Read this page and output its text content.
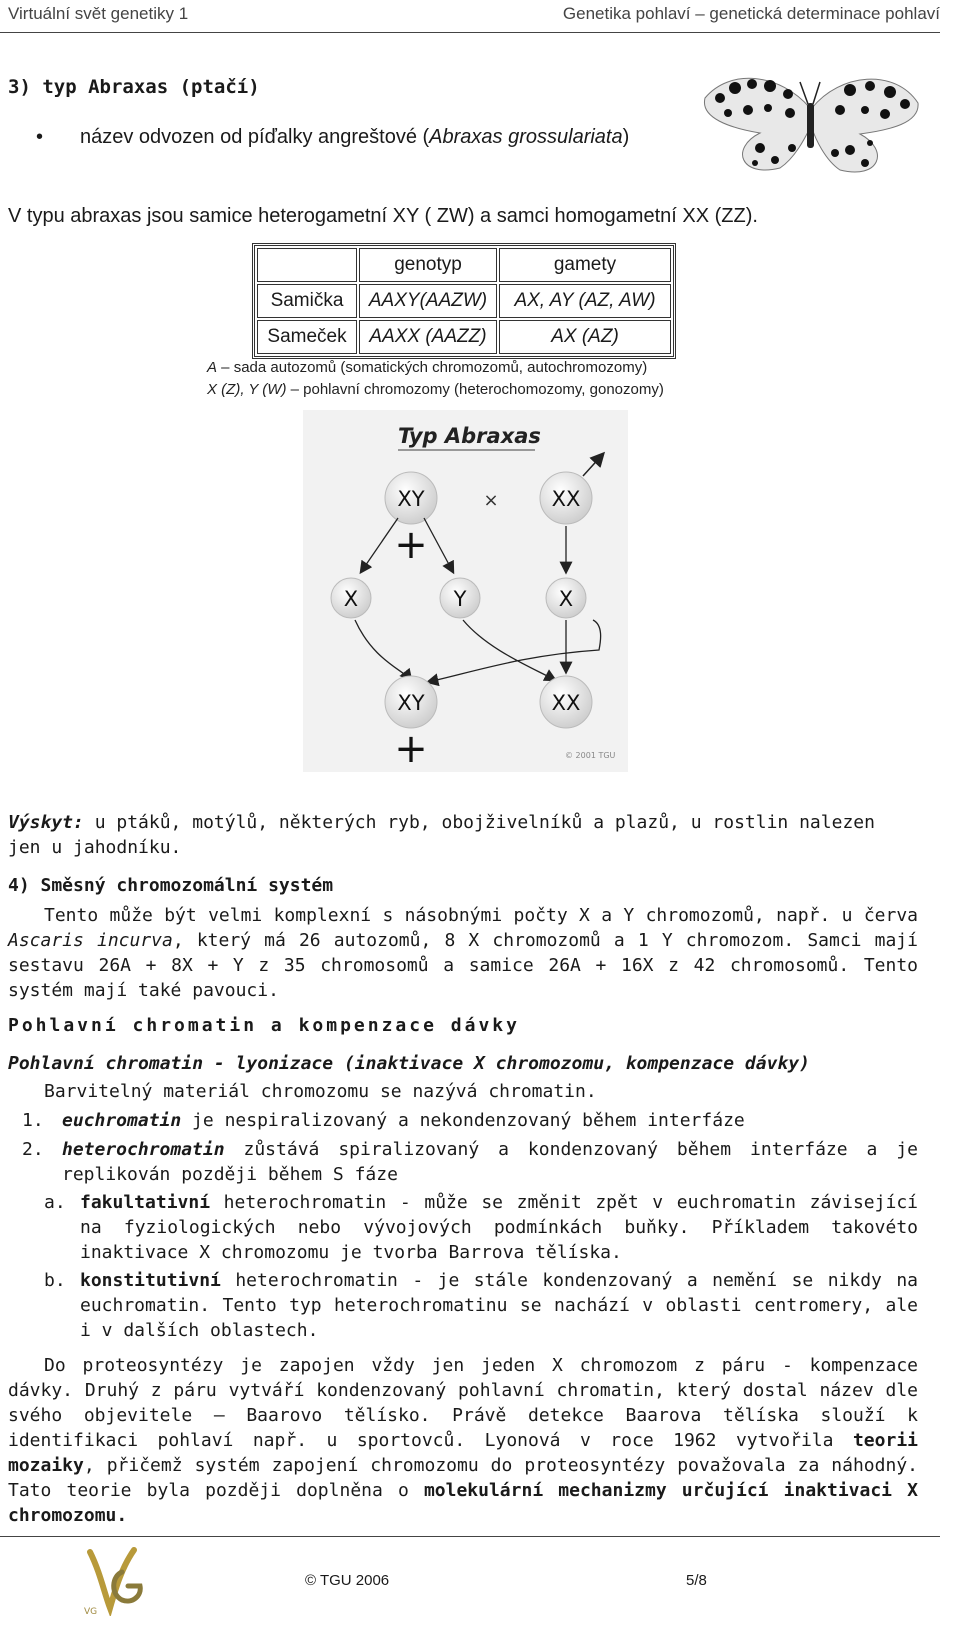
Virtuální svět genetiky 1	Genetika pohlaví – genetická determinace pohlaví
3) typ Abraxas (ptačí)
• název odvozen od píďalky angreštové (Abraxas grossulariata)
V typu abraxas jsou samice heterogametní XY ( ZW) a samci homogametní XX (ZZ).
	genotyp	gamety
Samička	AAXY(AAZW)	AX, AY (AZ, AW)
Sameček	AAXX (AAZZ)	AX (AZ)
A – sada autozomů (somatických chromozomů, autochromozomy)
X (Z), Y (W) – pohlavní chromozomy (heterochomozomy, gonozomy)
Typ Abraxas
XY
+
×	XX
X	Y	X
XY
+
XX
© 2001 TGU
Výskyt: u ptáků, motýlů, některých ryb, obojživelníků a plazů, u rostlin nalezen jen u jahodníku.
4) Směsný chromozomální systém
Tento může být velmi komplexní s násobnými počty X a Y chromozomů, např. u červa Ascaris incurva, který má 26 autozomů, 8 X chromozomů a 1 Y chromozom. Samci mají sestavu 26A + 8X + Y z 35 chromosomů a samice 26A + 16X z 42 chromosomů. Tento systém mají také pavouci.
Pohlavní chromatin a kompenzace dávky
Pohlavní chromatin - lyonizace (inaktivace X chromozomu, kompenzace dávky)
Barvitelný materiál chromozomu se nazývá chromatin.
1. euchromatin je nespiralizovaný a nekondenzovaný během interfáze
2. heterochromatin zůstává spiralizovaný a kondenzovaný během interfáze a je replikován později během S fáze
a. fakultativní heterochromatin - může se změnit zpět v euchromatin závisející na fyziologických nebo vývojových podmínkách buňky. Příkladem takovéto inaktivace X chromozomu je tvorba Barrova tělíska.
b. konstitutivní heterochromatin - je stále kondenzovaný a nemění se nikdy na euchromatin. Tento typ heterochromatinu se nachází v oblasti centromery, ale i v dalších oblastech.
Do proteosyntézy je zapojen vždy jen jeden X chromozom z páru - kompenzace dávky. Druhý z páru vytváří kondenzovaný pohlavní chromatin, který dostal název dle svého objevitele – Baarovo tělísko. Právě detekce Baarova tělíska slouží k identifikaci pohlaví např. u sportovců. Lyonová v roce 1962 vytvořila teorii mozaiky, přičemž systém zapojení chromozomu do proteosyntézy považovala za náhodný. Tato teorie byla později doplněna o molekulární mechanizmy určující inaktivaci X chromozomu.
VG
© TGU 2006	5/8
